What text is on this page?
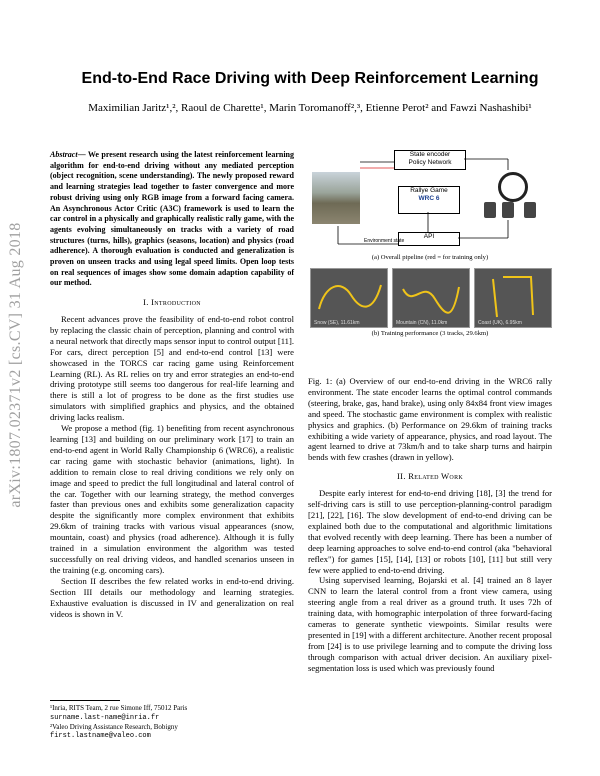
arXiv:1807.02371v2 [cs.CV] 31 Aug 2018
End-to-End Race Driving with Deep Reinforcement Learning
Maximilian Jaritz¹,², Raoul de Charette¹, Marin Toromanoff²,³, Etienne Perot² and Fawzi Nashashibi¹
Abstract— We present research using the latest reinforcement learning algorithm for end-to-end driving without any mediated perception (object recognition, scene understanding). The newly proposed reward and learning strategies lead together to faster convergence and more robust driving using only RGB image from a forward facing camera. An Asynchronous Actor Critic (A3C) framework is used to learn the car control in a physically and graphically realistic rally game, with the agents evolving simultaneously on tracks with a variety of road structures (turns, hills), graphics (seasons, location) and physics (road adherence). A thorough evaluation is conducted and generalization is proven on unseen tracks and using legal speed limits. Open loop tests on real sequences of images show some domain adaption capability of our method.
I. Introduction

Recent advances prove the feasibility of end-to-end robot control by replacing the classic chain of perception, planning and control with a neural network that directly maps sensor input to control output [11]. For cars, direct perception [5] and end-to-end control [13] were showcased in the TORCS car racing game using Reinforcement Learning (RL). As RL relies on try and error strategies an end-to-end driving prototype still seems too dangerous for real-life learning and there is still a lot of progress to be done as the first studies use simulators with simplified graphics and physics, and the obtained driving lacks realism.

We propose a method (fig. 1) benefiting from recent asynchronous learning [13] and building on our preliminary work [17] to train an end-to-end agent in World Rally Championship 6 (WRC6), a realistic car racing game with stochastic behavior (animations, light). In addition to remain close to real driving conditions we rely only on image and speed to predict the full longitudinal and lateral control of the car. Together with our learning strategy, the method converges faster than previous ones and exhibits some generalization capacity despite the significantly more complex environment that exhibits 29.6km of training tracks with various visual appearances (snow, mountain, coast) and physics (road adherence). Although it is fully trained in a simulation environment the algorithm was tested successfully on real driving videos, and handled scenarios unseen in the training (e.g. oncoming cars).

Section II describes the few related works in end-to-end driving. Section III details our methodology and learning strategies. Exhaustive evaluation is discussed in IV and generalization on real videos is shown in V.

¹Inria, RITS Team, 2 rue Simone Iff, 75012 Paris
surname.last-name@inria.fr
²Valeo Driving Assistance Research, Bobigny
first.lastname@valeo.com
State encoder
Policy Network
Rallye Game
WRC 6
API
Environment state
(a) Overall pipeline (red = for training only)
Snow (SE), 11.61km	Mountain (CN), 11.0km	Coast (UK), 6.95km
(b) Training performance (3 tracks, 29.6km)
Fig. 1: (a) Overview of our end-to-end driving in the WRC6 rally environment. The state encoder learns the optimal control commands (steering, brake, gas, hand brake), using only 84x84 front view images and speed. The stochastic game environment is complex with realistic physics and graphics. (b) Performance on 29.6km of training tracks exhibiting a wide variety of appearance, physics, and road layout. The agent learned to drive at 73km/h and to take sharp turns and hairpin bends with few crashes (drawn in yellow).
II. Related Work

Despite early interest for end-to-end driving [18], [3] the trend for self-driving cars is still to use perception-planning-control paradigm [21], [22], [16]. The slow development of end-to-end driving can be explained both due to the computational and algorithmic limitations that evolved recently with deep learning. There has been a number of deep learning approaches to solve end-to-end control (aka "behavioral reflex") for games [15], [14], [13] or robots [10], [11] but still very few were applied to end-to-end driving.

Using supervised learning, Bojarski et al. [4] trained an 8 layer CNN to learn the lateral control from a front view camera, using steering angle from a real driver as a ground truth. It uses 72h of training data, with homographic interpolation of three forward-facing cameras to generate synthetic viewpoints. Similar results were presented in [19] with a different architecture. Another recent proposal from [24] is to use privilege learning and to compute the driving loss through comparison with actual driver decision. An auxiliary pixel-segmentation loss is used which was previously found
